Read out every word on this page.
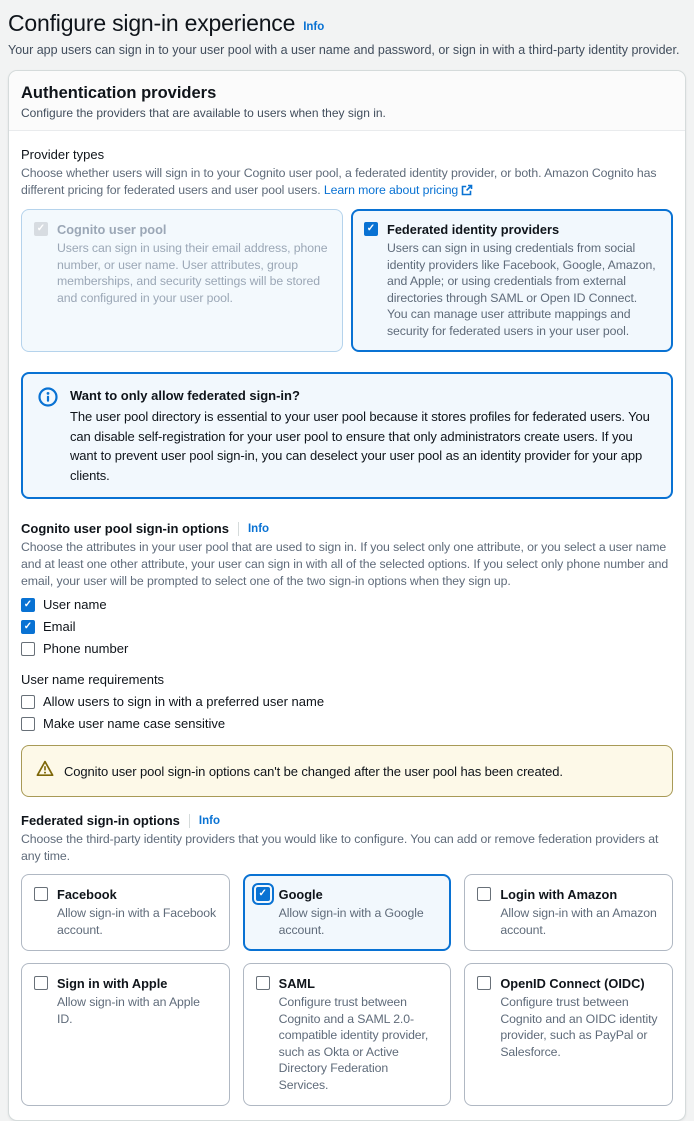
Configure sign-in experience Info
Your app users can sign in to your user pool with a user name and password, or sign in with a third-party identity provider.
Authentication providers
Configure the providers that are available to users when they sign in.
Provider types
Choose whether users will sign in to your Cognito user pool, a federated identity provider, or both. Amazon Cognito has different pricing for federated users and user pool users. Learn more about pricing
✓
Cognito user pool
Users can sign in using their email address, phone number, or user name. User attributes, group memberships, and security settings will be stored and configured in your user pool.
✓
Federated identity providers
Users can sign in using credentials from social identity providers like Facebook, Google, Amazon, and Apple; or using credentials from external directories through SAML or Open ID Connect. You can manage user attribute mappings and security for federated users in your user pool.
Want to only allow federated sign-in?
The user pool directory is essential to your user pool because it stores profiles for federated users. You can disable self-registration for your user pool to ensure that only administrators create users. If you want to prevent user pool sign-in, you can deselect your user pool as an identity provider for your app clients.
Cognito user pool sign-in options Info
Choose the attributes in your user pool that are used to sign in. If you select only one attribute, or you select a user name and at least one other attribute, your user can sign in with all of the selected options. If you select only phone number and email, your user will be prompted to select one of the two sign-in options when they sign up.
✓
User name
✓
Email
Phone number
User name requirements
Allow users to sign in with a preferred user name
Make user name case sensitive
Cognito user pool sign-in options can't be changed after the user pool has been created.
Federated sign-in options Info
Choose the third-party identity providers that you would like to configure. You can add or remove federation providers at any time.
Facebook
Allow sign-in with a Facebook account.
✓
Google
Allow sign-in with a Google account.
Login with Amazon
Allow sign-in with an Amazon account.
Sign in with Apple
Allow sign-in with an Apple ID.
SAML
Configure trust between Cognito and a SAML 2.0-compatible identity provider, such as Okta or Active Directory Federation Services.
OpenID Connect (OIDC)
Configure trust between Cognito and an OIDC identity provider, such as PayPal or Salesforce.
